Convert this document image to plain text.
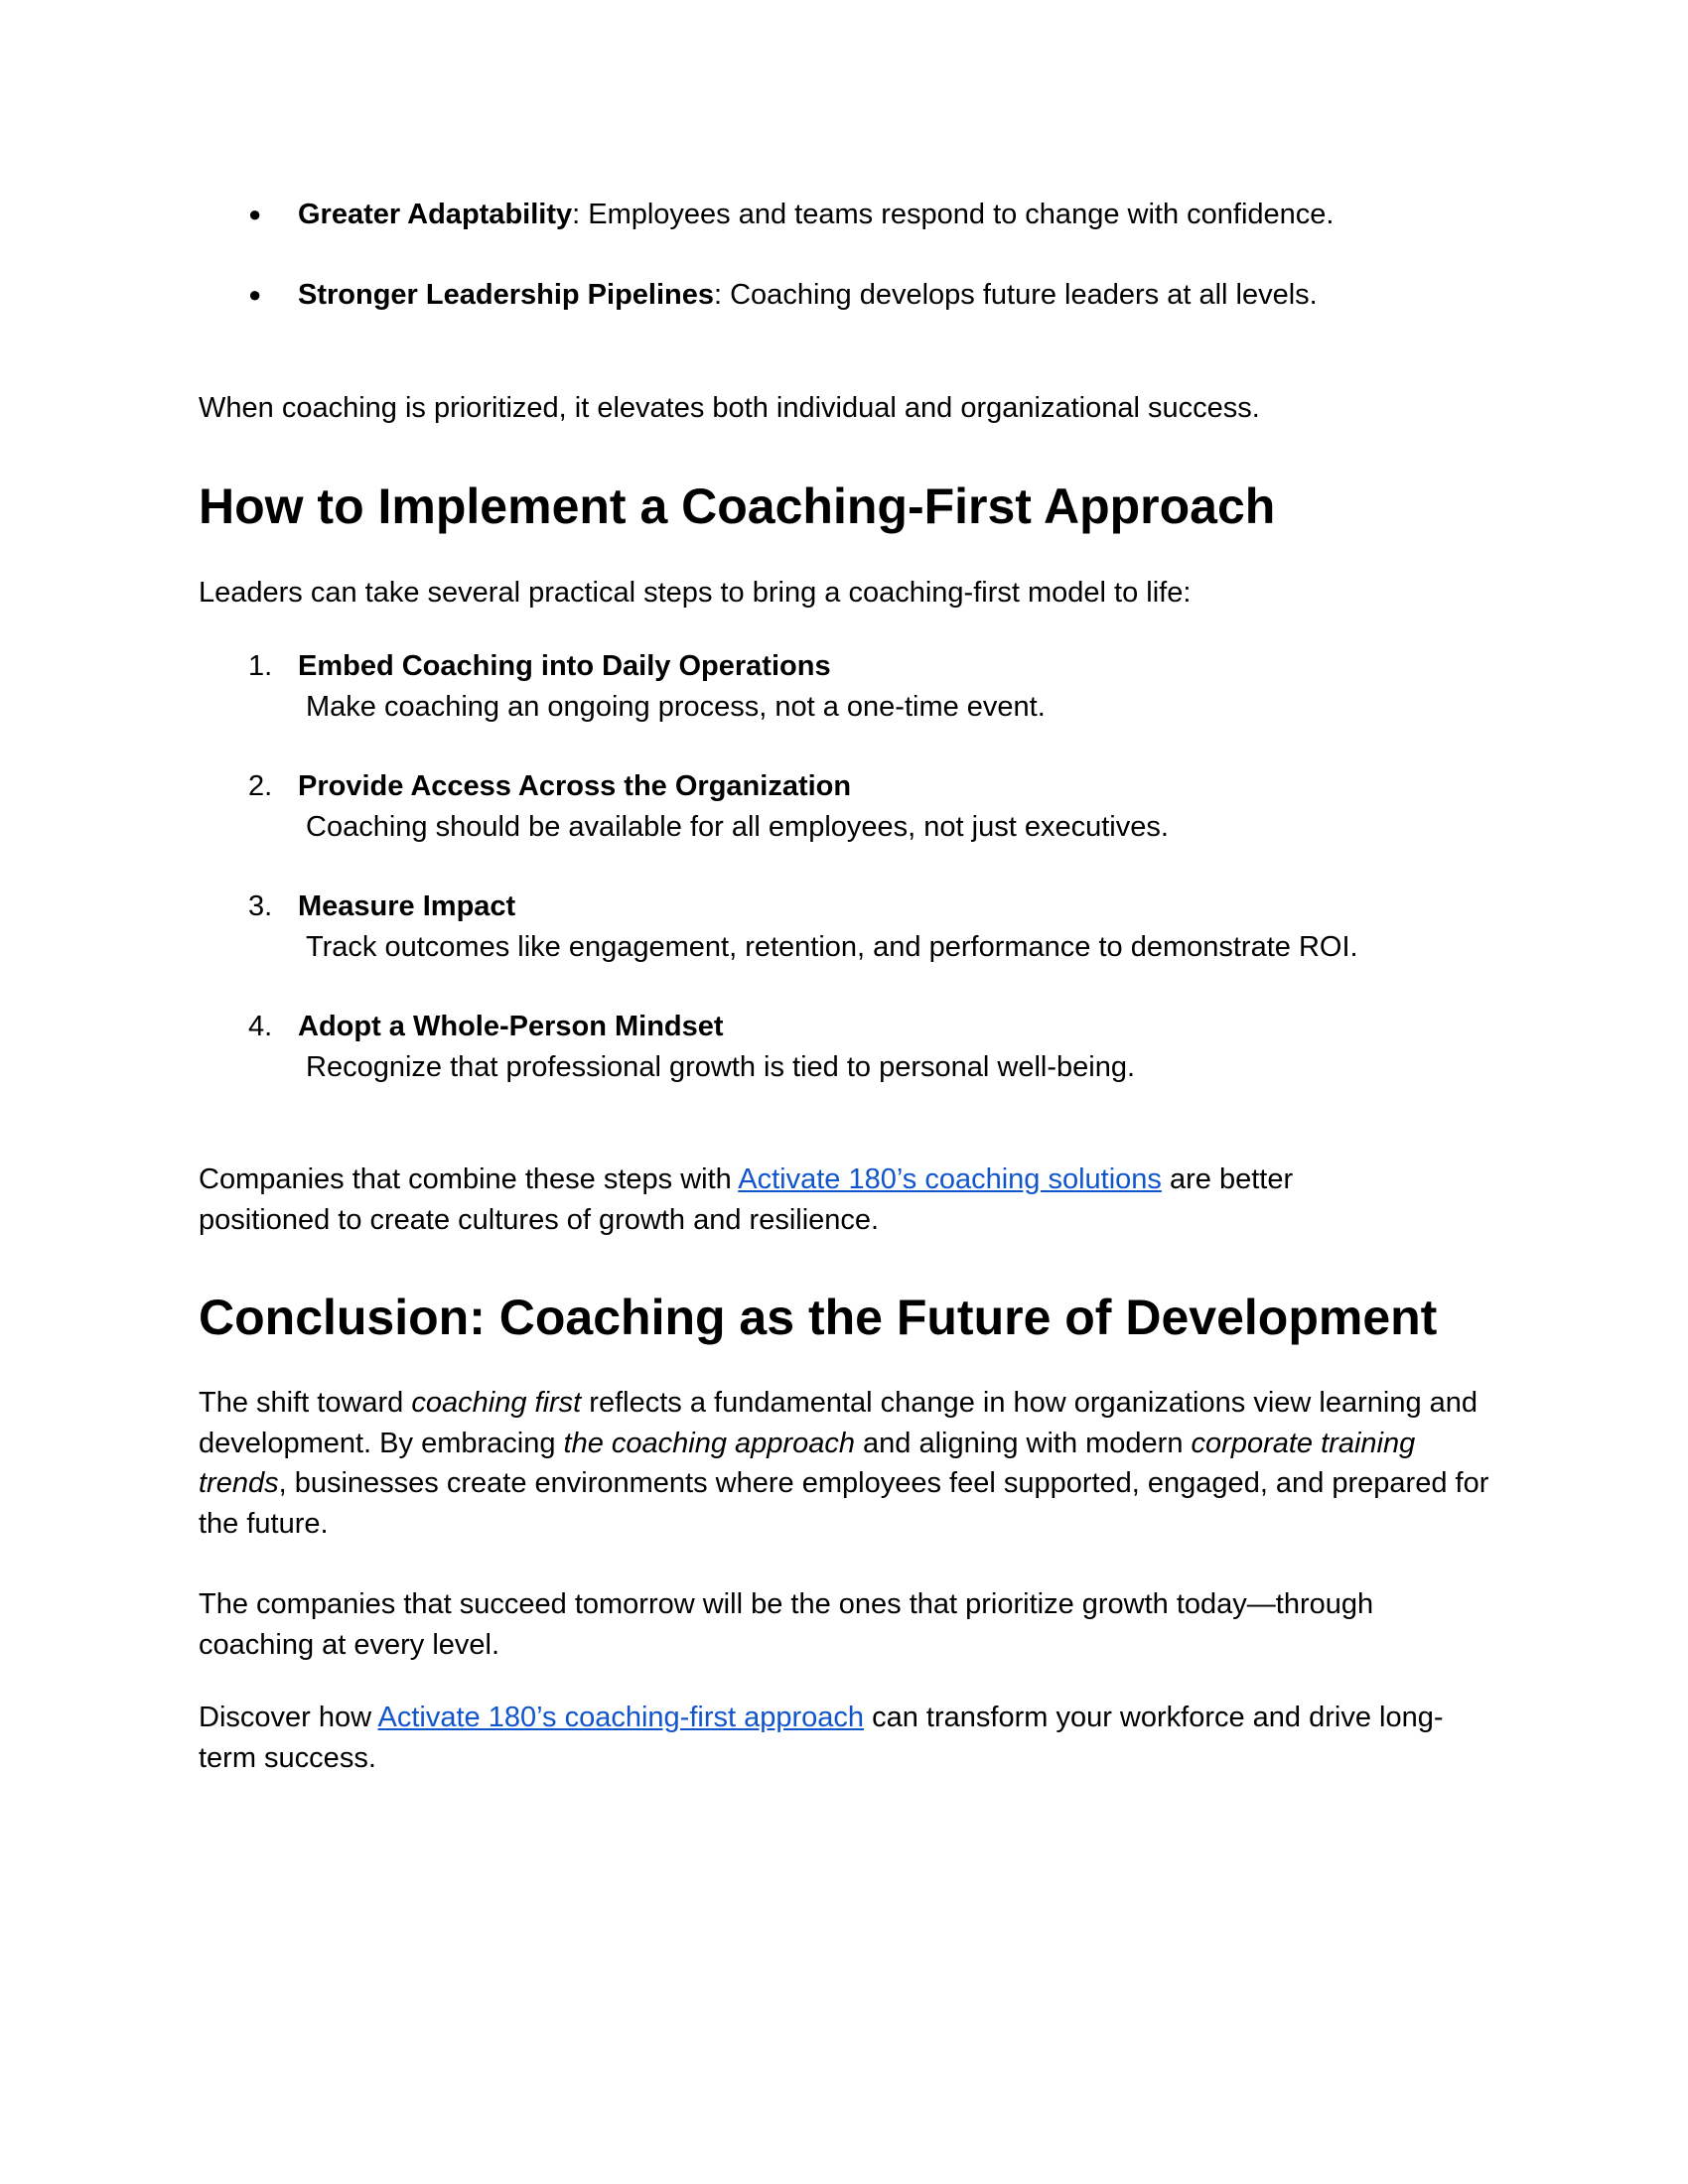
● Greater Adaptability: Employees and teams respond to change with confidence.
● Stronger Leadership Pipelines: Coaching develops future leaders at all levels.
When coaching is prioritized, it elevates both individual and organizational success.
How to Implement a Coaching-First Approach
Leaders can take several practical steps to bring a coaching-first model to life:
1. Embed Coaching into Daily Operations
Make coaching an ongoing process, not a one-time event.
2. Provide Access Across the Organization
Coaching should be available for all employees, not just executives.
3. Measure Impact
Track outcomes like engagement, retention, and performance to demonstrate ROI.
4. Adopt a Whole-Person Mindset
Recognize that professional growth is tied to personal well-being.
Companies that combine these steps with Activate 180’s coaching solutions are better positioned to create cultures of growth and resilience.
Conclusion: Coaching as the Future of Development
The shift toward coaching first reflects a fundamental change in how organizations view learning and development. By embracing the coaching approach and aligning with modern corporate training trends, businesses create environments where employees feel supported, engaged, and prepared for the future.
The companies that succeed tomorrow will be the ones that prioritize growth today—through coaching at every level.
Discover how Activate 180’s coaching-first approach can transform your workforce and drive long-term success.
